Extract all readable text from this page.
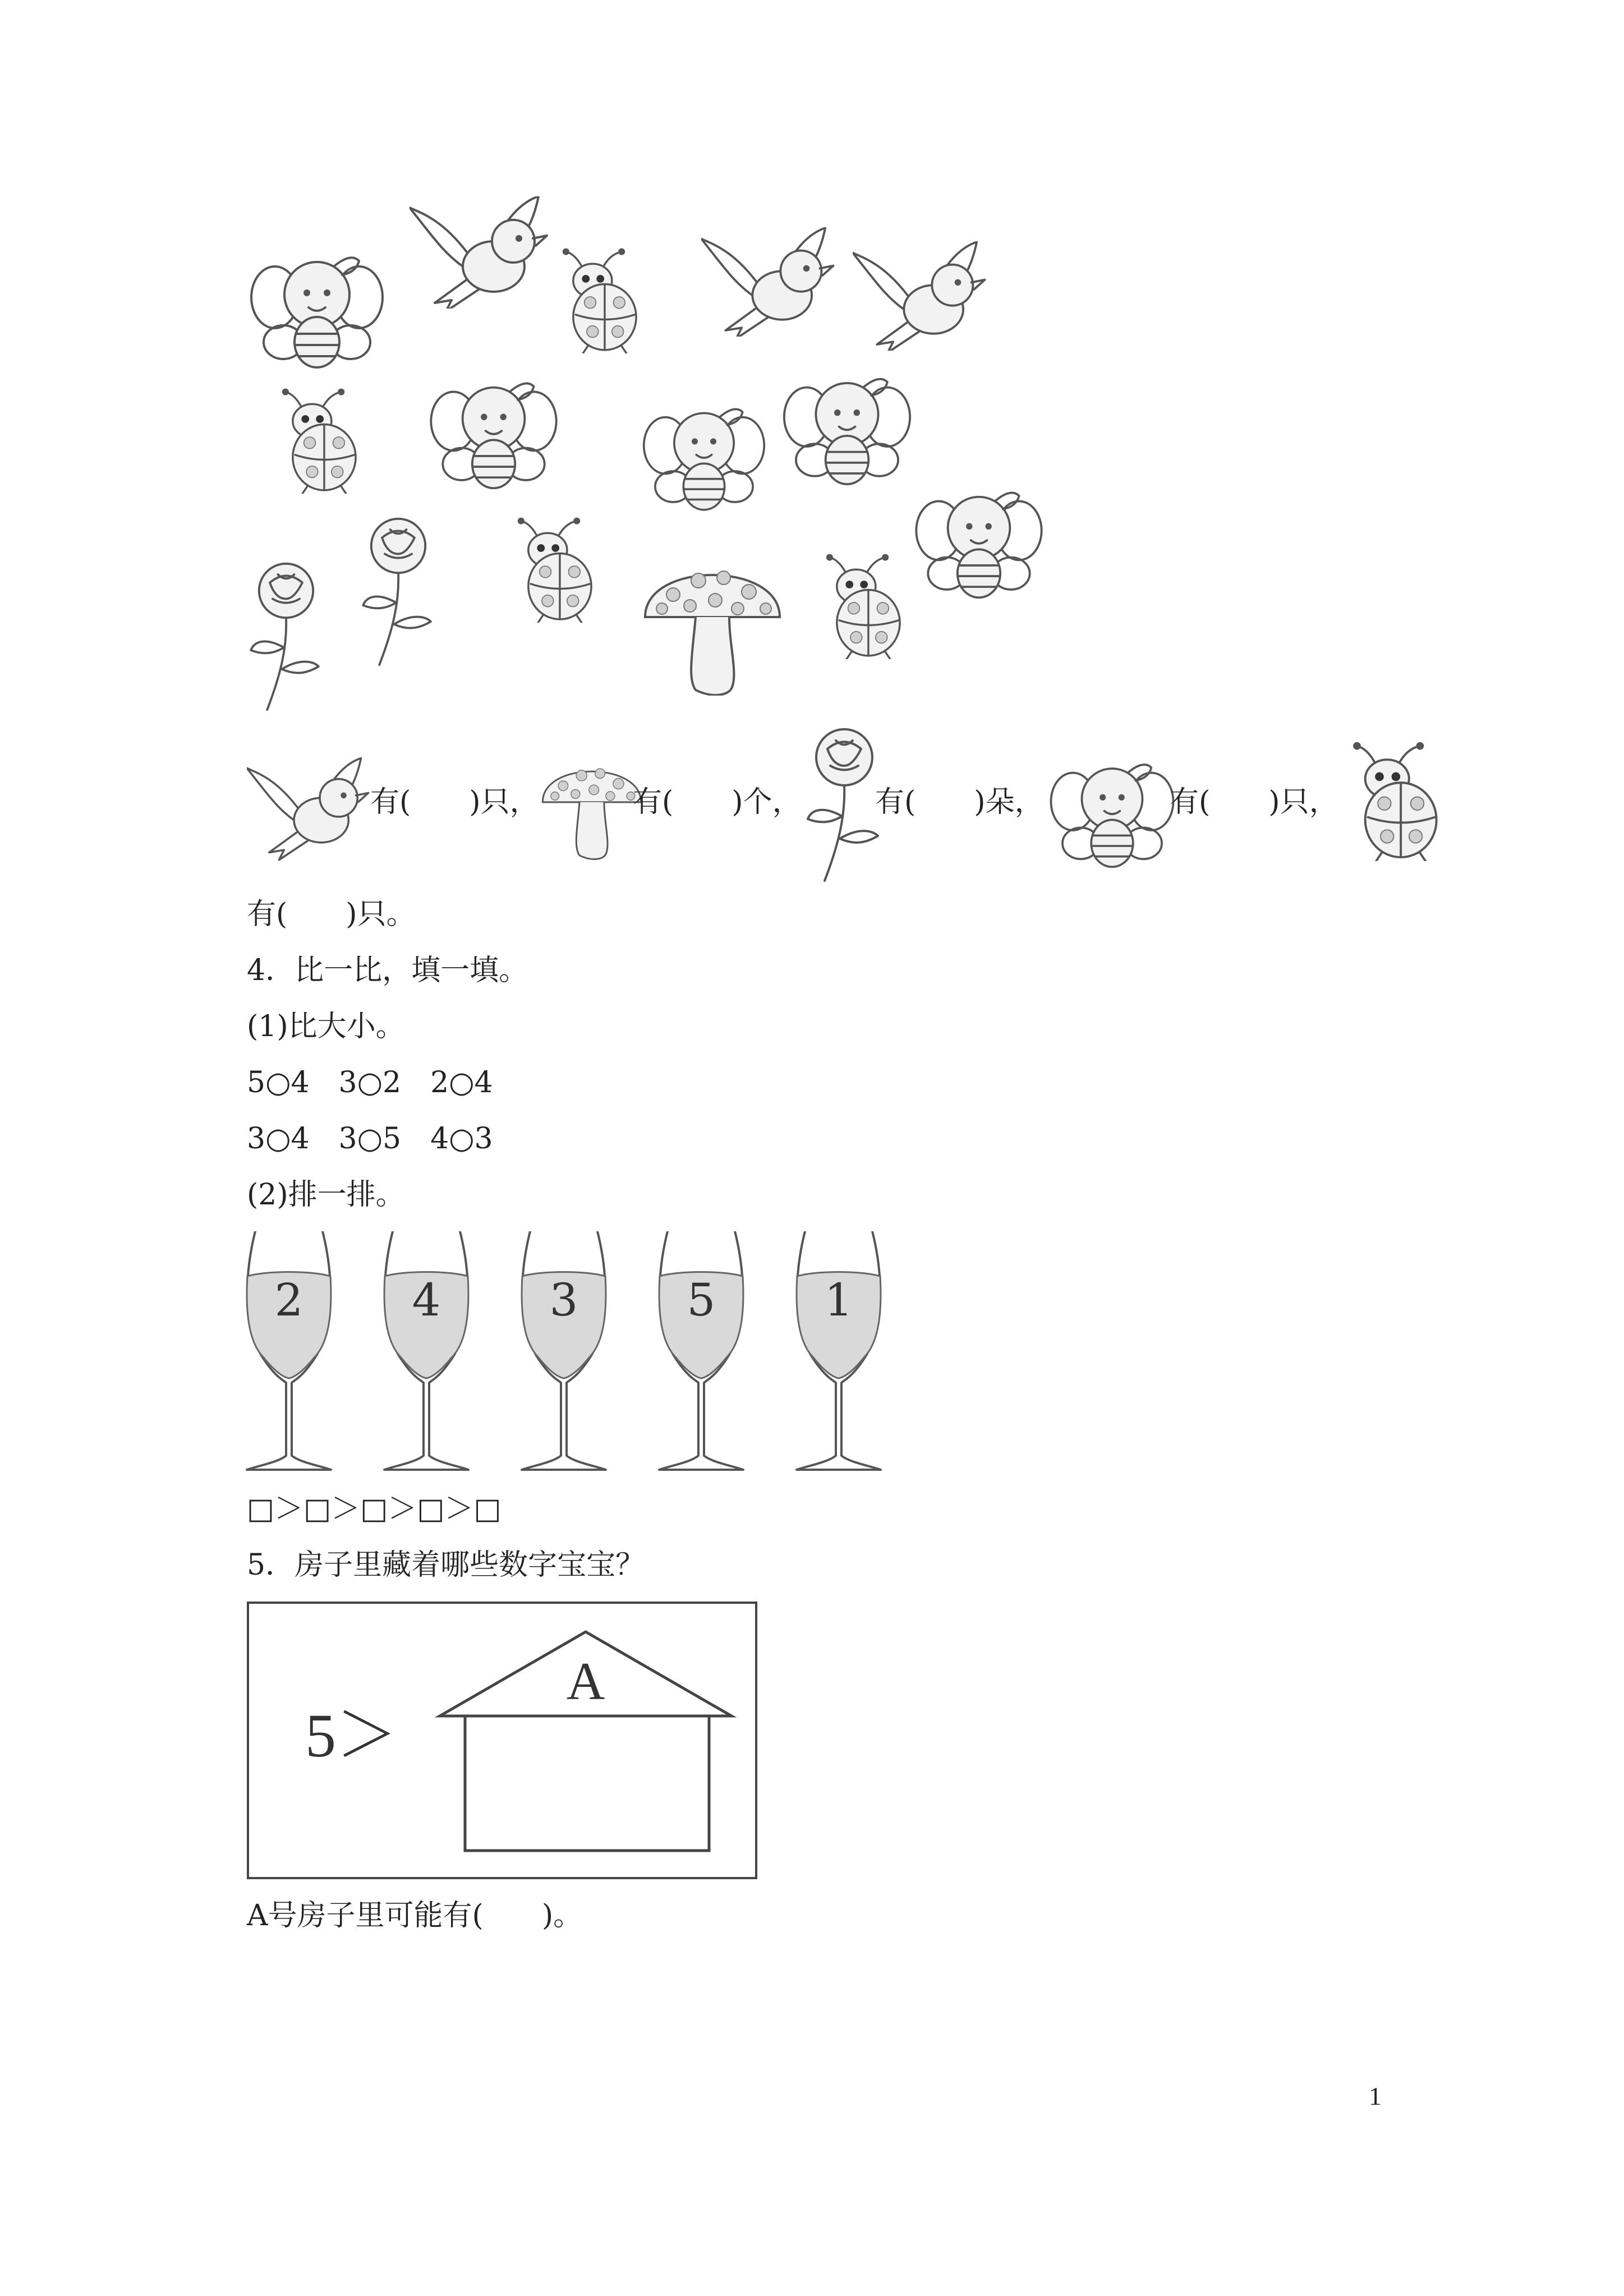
有(　　)只，	有(　　)个，	有(　　)朵，	有(　　)只，
有(　　)只。
4．比一比，填一填。
(1)比大小。
5○4　3○2　2○4
3○4　3○5　4○3
(2)排一排。
2 4 3 5 1
□＞□＞□＞□＞□
5．房子里藏着哪些数字宝宝？
5＞
A
A号房子里可能有(　　)。
1
